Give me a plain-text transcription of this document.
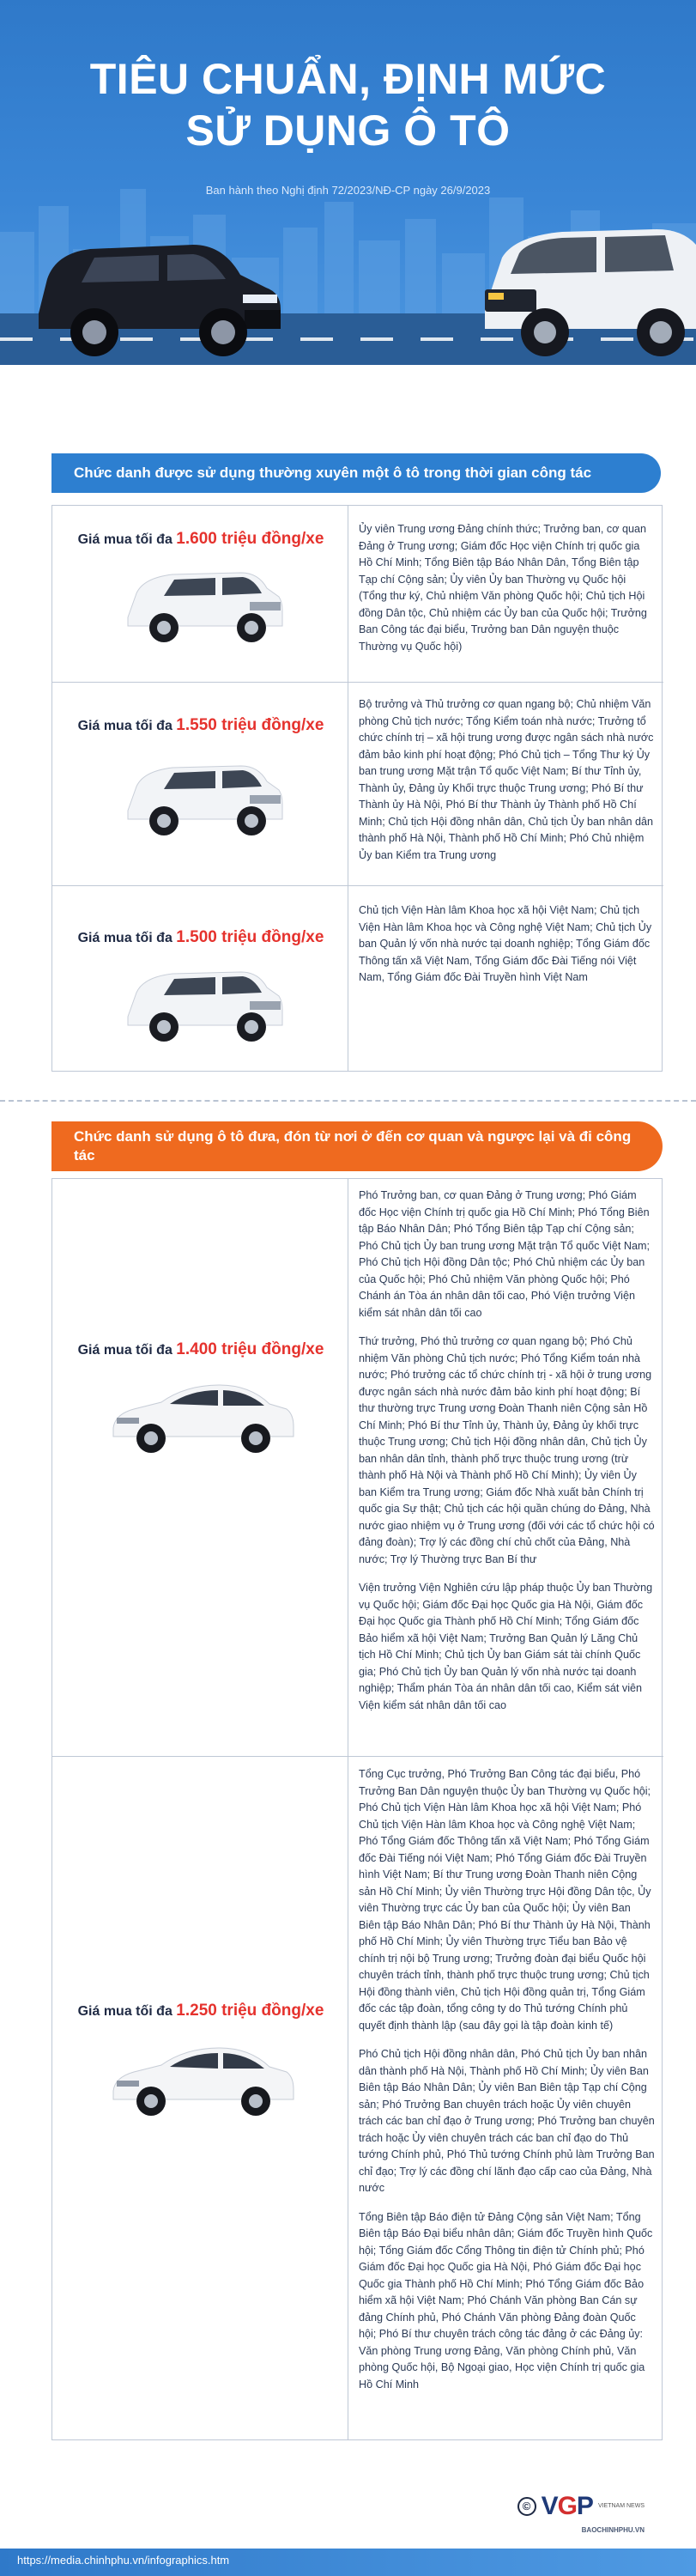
TIÊU CHUẨN, ĐỊNH MỨC
SỬ DỤNG Ô TÔ
Ban hành theo Nghị định 72/2023/NĐ-CP ngày 26/9/2023
Chức danh được sử dụng thường xuyên một ô tô trong thời gian công tác
Giá mua tối đa 1.600 triệu đồng/xe
Ủy viên Trung ương Đảng chính thức; Trưởng ban, cơ quan Đảng ở Trung ương; Giám đốc Học viện Chính trị quốc gia Hồ Chí Minh; Tổng Biên tập Báo Nhân Dân, Tổng Biên tập Tạp chí Cộng sản; Ủy viên Ủy ban Thường vụ Quốc hội (Tổng thư ký, Chủ nhiệm Văn phòng Quốc hội; Chủ tịch Hội đồng Dân tộc, Chủ nhiệm các Ủy ban của Quốc hội; Trưởng Ban Công tác đại biểu, Trưởng ban Dân nguyện thuộc Thường vụ Quốc hội)
Giá mua tối đa 1.550 triệu đồng/xe
Bộ trưởng và Thủ trưởng cơ quan ngang bộ; Chủ nhiệm Văn phòng Chủ tịch nước; Tổng Kiểm toán nhà nước; Trưởng tổ chức chính trị – xã hội trung ương được ngân sách nhà nước đảm bảo kinh phí hoạt động; Phó Chủ tịch – Tổng Thư ký Ủy ban trung ương Mặt trận Tổ quốc Việt Nam; Bí thư Tỉnh ủy, Thành ủy, Đảng ủy Khối trực thuộc Trung ương; Phó Bí thư Thành ủy Hà Nội, Phó Bí thư Thành ủy Thành phố Hồ Chí Minh; Chủ tịch Hội đồng nhân dân, Chủ tịch Ủy ban nhân dân thành phố Hà Nội, Thành phố Hồ Chí Minh; Phó Chủ nhiệm Ủy ban Kiểm tra Trung ương
Giá mua tối đa 1.500 triệu đồng/xe
Chủ tịch Viện Hàn lâm Khoa học xã hội Việt Nam; Chủ tịch Viện Hàn lâm Khoa học và Công nghệ Việt Nam; Chủ tịch Ủy ban Quản lý vốn nhà nước tại doanh nghiệp; Tổng Giám đốc Thông tấn xã Việt Nam, Tổng Giám đốc Đài Tiếng nói Việt Nam, Tổng Giám đốc Đài Truyền hình Việt Nam
Chức danh sử dụng ô tô đưa, đón từ nơi ở đến cơ quan và ngược lại và đi công tác
Giá mua tối đa 1.400 triệu đồng/xe

Phó Trưởng ban, cơ quan Đảng ở Trung ương; Phó Giám đốc Học viện Chính trị quốc gia Hồ Chí Minh; Phó Tổng Biên tập Báo Nhân Dân; Phó Tổng Biên tập Tạp chí Cộng sản; Phó Chủ tịch Ủy ban trung ương Mặt trận Tổ quốc Việt Nam; Phó Chủ tịch Hội đồng Dân tộc; Phó Chủ nhiệm các Ủy ban của Quốc hội; Phó Chủ nhiệm Văn phòng Quốc hội; Phó Chánh án Tòa án nhân dân tối cao, Phó Viện trưởng Viện kiểm sát nhân dân tối cao

Thứ trưởng, Phó thủ trưởng cơ quan ngang bộ; Phó Chủ nhiệm Văn phòng Chủ tịch nước; Phó Tổng Kiểm toán nhà nước; Phó trưởng các tổ chức chính trị - xã hội ở trung ương được ngân sách nhà nước đảm bảo kinh phí hoạt động; Bí thư thường trực Trung ương Đoàn Thanh niên Cộng sản Hồ Chí Minh; Phó Bí thư Tỉnh ủy, Thành ủy, Đảng ủy khối trực thuộc Trung ương; Chủ tịch Hội đồng nhân dân, Chủ tịch Ủy ban nhân dân tỉnh, thành phố trực thuộc trung ương (trừ thành phố Hà Nội và Thành phố Hồ Chí Minh); Ủy viên Ủy ban Kiểm tra Trung ương; Giám đốc Nhà xuất bản Chính trị quốc gia Sự thật; Chủ tịch các hội quần chúng do Đảng, Nhà nước giao nhiệm vụ ở Trung ương (đối với các tổ chức hội có đảng đoàn); Trợ lý các đồng chí chủ chốt của Đảng, Nhà nước; Trợ lý Thường trực Ban Bí thư

Viện trưởng Viện Nghiên cứu lập pháp thuộc Ủy ban Thường vụ Quốc hội; Giám đốc Đại học Quốc gia Hà Nội, Giám đốc Đại học Quốc gia Thành phố Hồ Chí Minh; Tổng Giám đốc Bảo hiểm xã hội Việt Nam; Trưởng Ban Quản lý Lăng Chủ tịch Hồ Chí Minh; Chủ tịch Ủy ban Giám sát tài chính Quốc gia; Phó Chủ tịch Ủy ban Quản lý vốn nhà nước tại doanh nghiệp; Thẩm phán Tòa án nhân dân tối cao, Kiểm sát viên Viện kiểm sát nhân dân tối cao

Giá mua tối đa 1.250 triệu đồng/xe

Tổng Cục trưởng, Phó Trưởng Ban Công tác đại biểu, Phó Trưởng Ban Dân nguyện thuộc Ủy ban Thường vụ Quốc hội; Phó Chủ tịch Viện Hàn lâm Khoa học xã hội Việt Nam; Phó Chủ tịch Viện Hàn lâm Khoa học và Công nghệ Việt Nam; Phó Tổng Giám đốc Thông tấn xã Việt Nam; Phó Tổng Giám đốc Đài Tiếng nói Việt Nam; Phó Tổng Giám đốc Đài Truyền hình Việt Nam; Bí thư Trung ương Đoàn Thanh niên Cộng sản Hồ Chí Minh; Ủy viên Thường trực Hội đồng Dân tộc, Ủy viên Thường trực các Ủy ban của Quốc hội; Ủy viên Ban Biên tập Báo Nhân Dân; Phó Bí thư Thành ủy Hà Nội, Thành phố Hồ Chí Minh; Ủy viên Thường trực Tiểu ban Bảo vệ chính trị nội bộ Trung ương; Trưởng đoàn đại biểu Quốc hội chuyên trách tỉnh, thành phố trực thuộc trung ương; Chủ tịch Hội đồng thành viên, Chủ tịch Hội đồng quản trị, Tổng Giám đốc các tập đoàn, tổng công ty do Thủ tướng Chính phủ quyết định thành lập (sau đây gọi là tập đoàn kinh tế)

Phó Chủ tịch Hội đồng nhân dân, Phó Chủ tịch Ủy ban nhân dân thành phố Hà Nội, Thành phố Hồ Chí Minh; Ủy viên Ban Biên tập Báo Nhân Dân; Ủy viên Ban Biên tập Tạp chí Cộng sản; Phó Trưởng Ban chuyên trách hoặc Ủy viên chuyên trách các ban chỉ đạo ở Trung ương; Phó Trưởng ban chuyên trách hoặc Ủy viên chuyên trách các ban chỉ đạo do Thủ tướng Chính phủ, Phó Thủ tướng Chính phủ làm Trưởng Ban chỉ đạo; Trợ lý các đồng chí lãnh đạo cấp cao của Đảng, Nhà nước

Tổng Biên tập Báo điện tử Đảng Cộng sản Việt Nam; Tổng Biên tập Báo Đại biểu nhân dân; Giám đốc Truyền hình Quốc hội; Tổng Giám đốc Cổng Thông tin điện tử Chính phủ; Phó Giám đốc Đại học Quốc gia Hà Nội, Phó Giám đốc Đại học Quốc gia Thành phố Hồ Chí Minh; Phó Tổng Giám đốc Bảo hiểm xã hội Việt Nam; Phó Chánh Văn phòng Ban Cán sự đảng Chính phủ, Phó Chánh Văn phòng Đảng đoàn Quốc hội; Phó Bí thư chuyên trách công tác đảng ở các Đảng ủy: Văn phòng Trung ương Đảng, Văn phòng Chính phủ, Văn phòng Quốc hội, Bộ Ngoại giao, Học viện Chính trị quốc gia Hồ Chí Minh

© VGP VIETNAM NEWS
BAOCHINHPHU.VN
https://media.chinhphu.vn/infographics.htm
